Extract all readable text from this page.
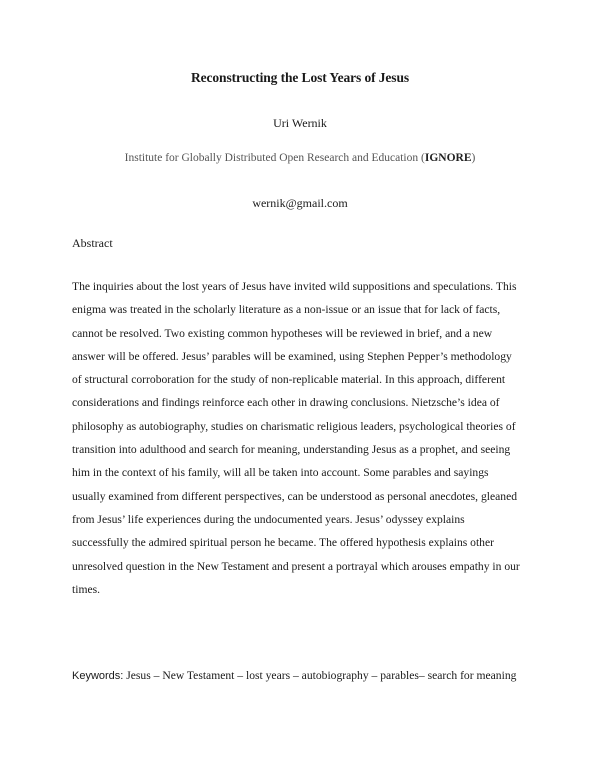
Reconstructing the Lost Years of Jesus
Uri Wernik
Institute for Globally Distributed Open Research and Education (IGNORE)
wernik@gmail.com
Abstract
The inquiries about the lost years of Jesus have invited wild suppositions and speculations. This
enigma was treated in the scholarly literature as a non-issue or an issue that for lack of facts,
cannot be resolved. Two existing common hypotheses will be reviewed in brief, and a new
answer will be offered. Jesus’ parables will be examined, using Stephen Pepper’s methodology
of structural corroboration for the study of non-replicable material. In this approach, different
considerations and findings reinforce each other in drawing conclusions. Nietzsche’s idea of
philosophy as autobiography, studies on charismatic religious leaders, psychological theories of
transition into adulthood and search for meaning, understanding Jesus as a prophet, and seeing
him in the context of his family, will all be taken into account. Some parables and sayings
usually examined from different perspectives, can be understood as personal anecdotes, gleaned
from Jesus’ life experiences during the undocumented years. Jesus’ odyssey explains
successfully the admired spiritual person he became. The offered hypothesis explains other
unresolved question in the New Testament and present a portrayal which arouses empathy in our
times.
Keywords: Jesus – New Testament – lost years – autobiography – parables– search for meaning
